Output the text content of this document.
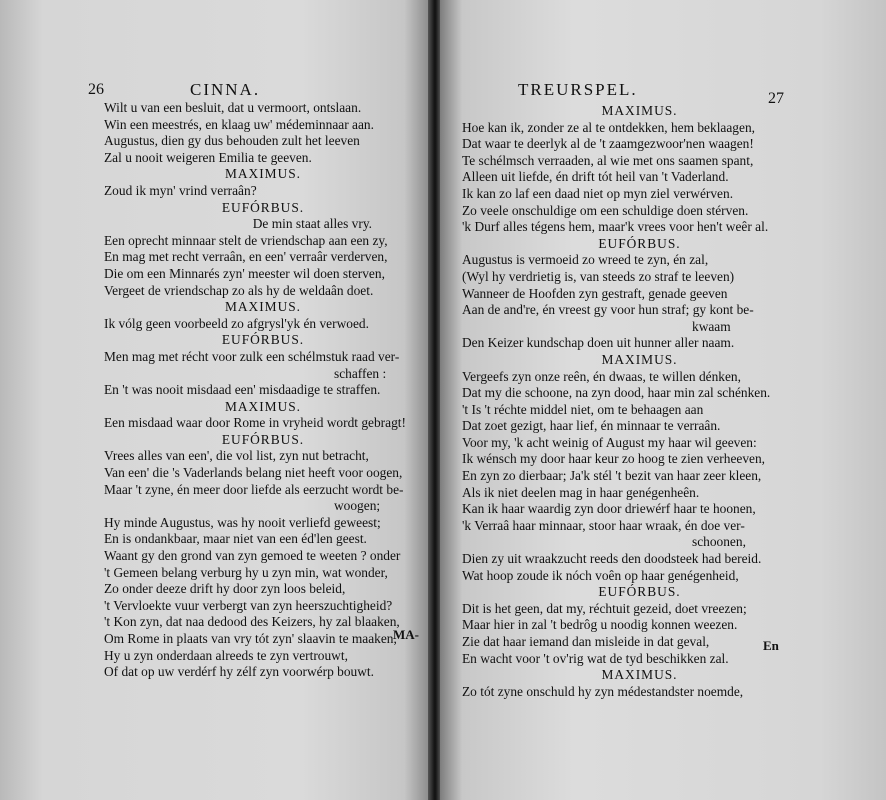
26	CINNA.
Wilt u van een besluit, dat u vermoort, ontslaan.
Win een meestrés, en klaag uw' médeminnaar aan.
Augustus, dien gy dus behouden zult het leeven
Zal u nooit weigeren Emilia te geeven.
MAXIMUS.
Zoud ik myn' vrind verraân?
EUFÓRBUS.
De min staat alles vry.
Een oprecht minnaar stelt de vriendschap aan een zy,
En mag met recht verraân, en een' verraâr verderven,
Die om een Minnarés zyn' meester wil doen sterven,
Vergeet de vriendschap zo als hy de weldaân doet.
MAXIMUS.
Ik vólg geen voorbeeld zo afgrysl'yk én verwoed.
EUFÓRBUS.
Men mag met récht voor zulk een schélmstuk raad ver-
schaffen :
En 't was nooit misdaad een' misdaadige te straffen.
MAXIMUS.
Een misdaad waar door Rome in vryheid wordt gebragt!
EUFÓRBUS.
Vrees alles van een', die vol list, zyn nut betracht,
Van een' die 's Vaderlands belang niet heeft voor oogen,
Maar 't zyne, én meer door liefde als eerzucht wordt be-
woogen;
Hy minde Augustus, was hy nooit verliefd geweest;
En is ondankbaar, maar niet van een éd'len geest.
Waant gy den grond van zyn gemoed te weeten ? onder
't Gemeen belang verburg hy u zyn min, wat wonder,
Zo onder deeze drift hy door zyn loos beleid,
't Vervloekte vuur verbergt van zyn heerszuchtigheid?
't Kon zyn, dat naa dedood des Keizers, hy zal blaaken,
Om Rome in plaats van vry tót zyn' slaavin te maaken,
Hy u zyn onderdaan alreeds te zyn vertrouwt,
Of dat op uw verdérf hy zélf zyn voorwérp bouwt.
MA-
TREURSPEL.	27
MAXIMUS.
Hoe kan ik, zonder ze al te ontdekken, hem beklaagen,
Dat waar te deerlyk al de 't zaamgezwoor'nen waagen!
Te schélmsch verraaden, al wie met ons saamen spant,
Alleen uit liefde, én drift tót heil van 't Vaderland.
Ik kan zo laf een daad niet op myn ziel verwérven.
Zo veele onschuldige om een schuldige doen stérven.
'k Durf alles tégens hem, maar'k vrees voor hen't weêr al.
EUFÓRBUS.
Augustus is vermoeid zo wreed te zyn, én zal,
(Wyl hy verdrietig is, van steeds zo straf te leeven)
Wanneer de Hoofden zyn gestraft, genade geeven
Aan de and're, én vreest gy voor hun straf; gy kont be-
kwaam
Den Keizer kundschap doen uit hunner aller naam.
MAXIMUS.
Vergeefs zyn onze reên, én dwaas, te willen dénken,
Dat my die schoone, na zyn dood, haar min zal schénken.
't Is 't réchte middel niet, om te behaagen aan
Dat zoet gezigt, haar lief, én minnaar te verraân.
Voor my, 'k acht weinig of August my haar wil geeven:
Ik wénsch my door haar keur zo hoog te zien verheeven,
En zyn zo dierbaar; Ja'k stél 't bezit van haar zeer kleen,
Als ik niet deelen mag in haar genégenheên.
Kan ik haar waardig zyn door driewérf haar te hoonen,
'k Verraâ haar minnaar, stoor haar wraak, én doe ver-
schoonen,
Dien zy uit wraakzucht reeds den doodsteek had bereid.
Wat hoop zoude ik nóch voên op haar genégenheid,
EUFÓRBUS.
Dit is het geen, dat my, réchtuit gezeid, doet vreezen;
Maar hier in zal 't bedrôg u noodig konnen weezen.
Zie dat haar iemand dan misleide in dat geval,
En wacht voor 't ov'rig wat de tyd beschikken zal.
MAXIMUS.
Zo tót zyne onschuld hy zyn médestandster noemde,
En
